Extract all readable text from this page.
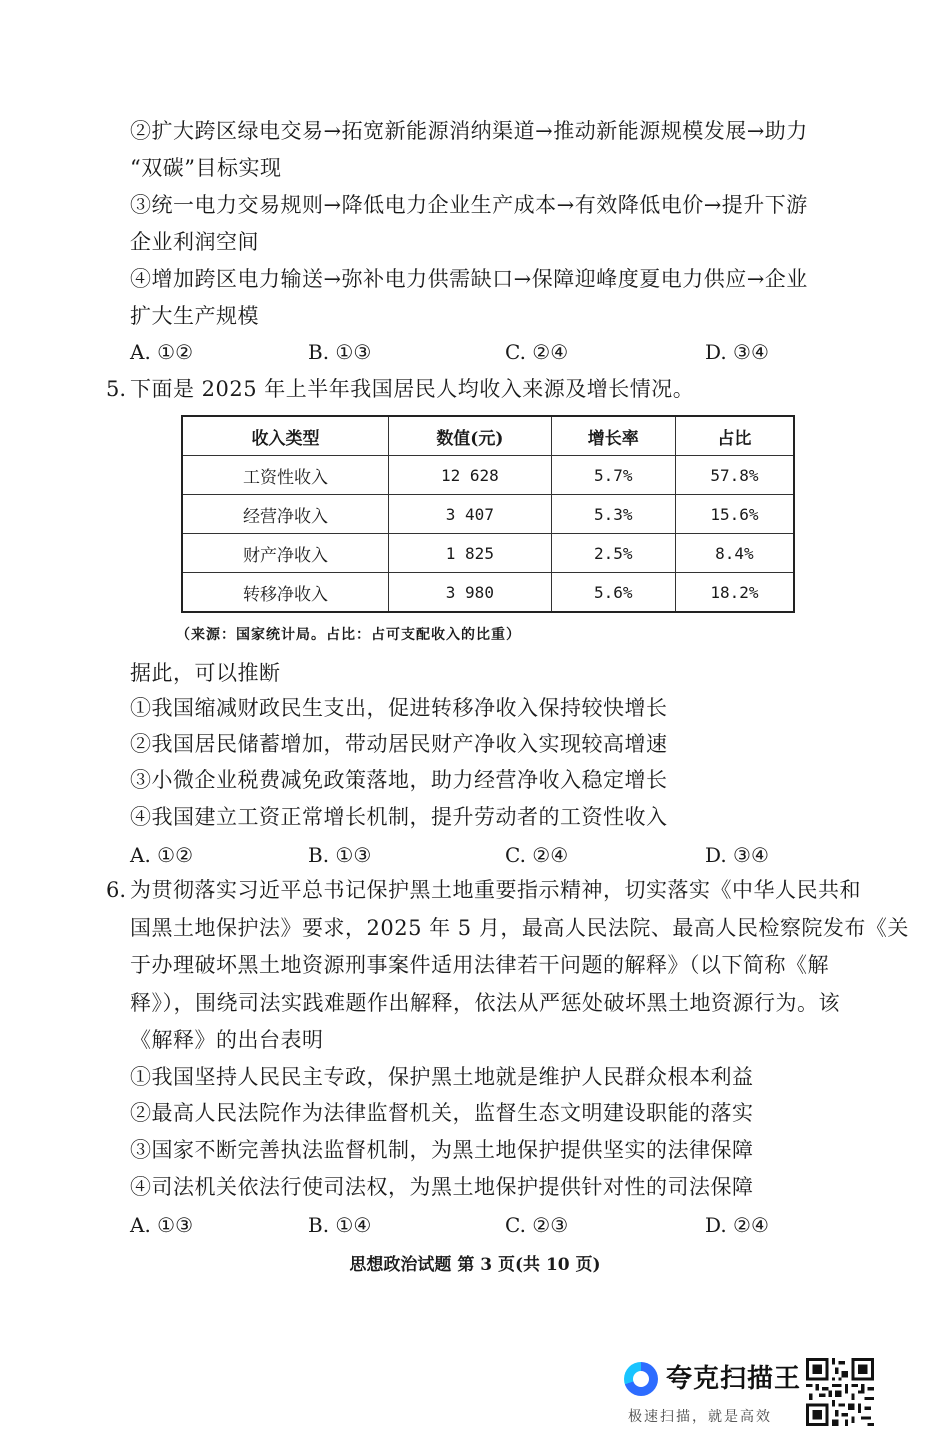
②扩大跨区绿电交易→拓宽新能源消纳渠道→推动新能源规模发展→助力
“双碳”目标实现
③统一电力交易规则→降低电力企业生产成本→有效降低电价→提升下游
企业利润空间
④增加跨区电力输送→弥补电力供需缺口→保障迎峰度夏电力供应→企业
扩大生产规模
A. ①②	B. ①③	C. ②④	D. ③④
5. 下面是 2025 年上半年我国居民人均收入来源及增长情况。
收入类型	数值(元)	增长率	占比
工资性收入	12 628	5.7%	57.8%
经营净收入	3 407	5.3%	15.6%
财产净收入	1 825	2.5%	8.4%
转移净收入	3 980	5.6%	18.2%
（来源：国家统计局。占比：占可支配收入的比重）
据此，可以推断
①我国缩减财政民生支出，促进转移净收入保持较快增长
②我国居民储蓄增加，带动居民财产净收入实现较高增速
③小微企业税费减免政策落地，助力经营净收入稳定增长
④我国建立工资正常增长机制，提升劳动者的工资性收入
A. ①②	B. ①③	C. ②④	D. ③④
6. 为贯彻落实习近平总书记保护黑土地重要指示精神，切实落实《中华人民共和
国黑土地保护法》要求，2025 年 5 月，最高人民法院、最高人民检察院发布《关
于办理破坏黑土地资源刑事案件适用法律若干问题的解释》（以下简称《解
释》），围绕司法实践难题作出解释，依法从严惩处破坏黑土地资源行为。该
《解释》的出台表明
①我国坚持人民民主专政，保护黑土地就是维护人民群众根本利益
②最高人民法院作为法律监督机关，监督生态文明建设职能的落实
③国家不断完善执法监督机制，为黑土地保护提供坚实的法律保障
④司法机关依法行使司法权，为黑土地保护提供针对性的司法保障
A. ①③	B. ①④	C. ②③	D. ②④
思想政治试题 第 3 页(共 10 页)
夸克扫描王
极速扫描，就是高效
